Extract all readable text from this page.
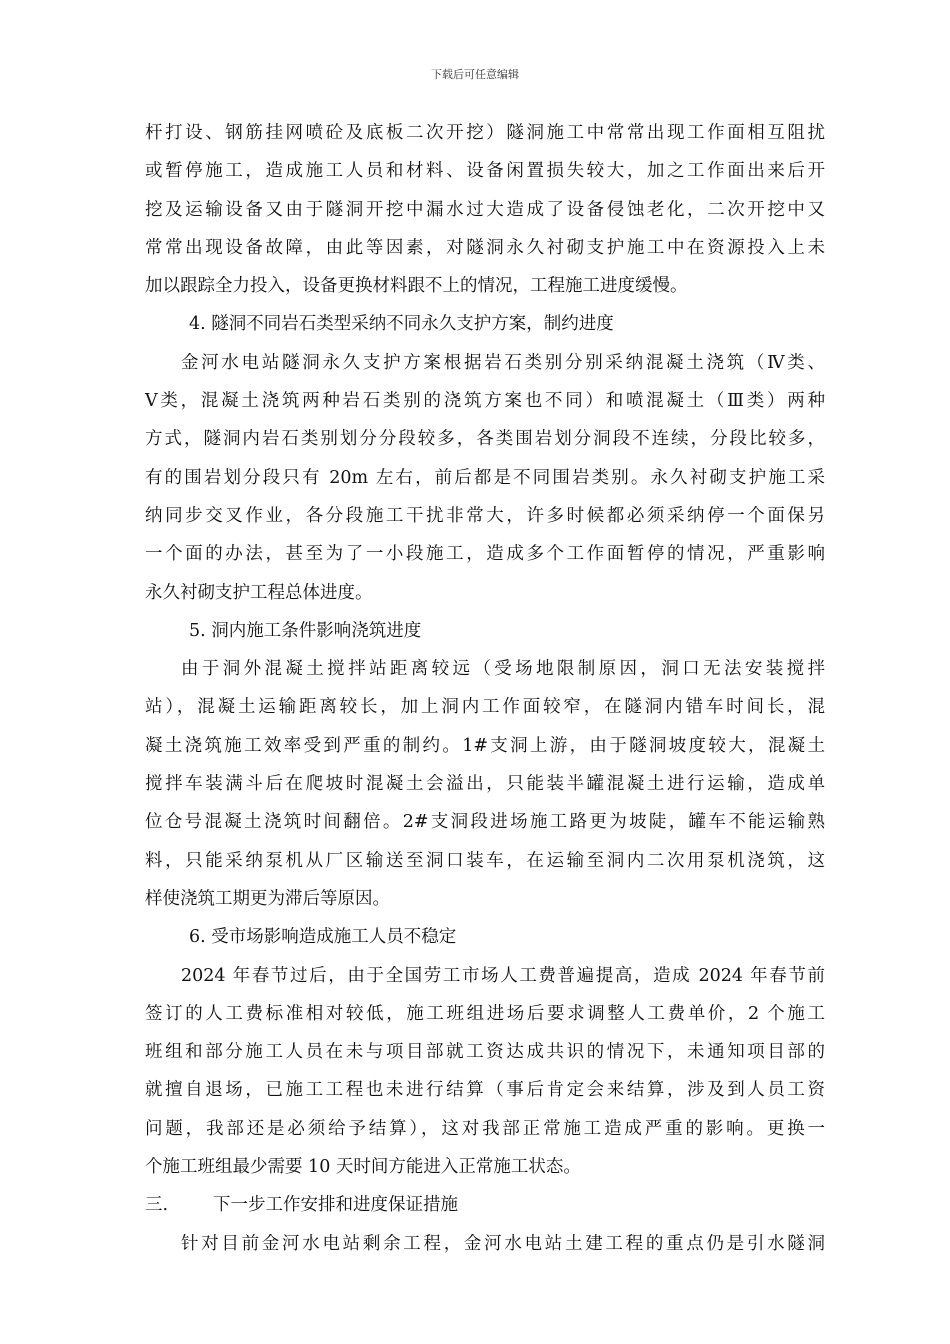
下载后可任意编辑
杆打设、钢筋挂网喷砼及底板二次开挖）隧洞施工中常常出现工作面相互阻扰
或暂停施工，造成施工人员和材料、设备闲置损失较大，加之工作面出来后开
挖及运输设备又由于隧洞开挖中漏水过大造成了设备侵蚀老化，二次开挖中又
常常出现设备故障，由此等因素，对隧洞永久衬砌支护施工中在资源投入上未
加以跟踪全力投入，设备更换材料跟不上的情况，工程施工进度缓慢。
4. 隧洞不同岩石类型采纳不同永久支护方案，制约进度
金河水电站隧洞永久支护方案根据岩石类别分别采纳混凝土浇筑（Ⅳ类、
Ⅴ类，混凝土浇筑两种岩石类别的浇筑方案也不同）和喷混凝土（Ⅲ类）两种
方式，隧洞内岩石类别划分分段较多，各类围岩划分洞段不连续，分段比较多，
有的围岩划分段只有 20m 左右，前后都是不同围岩类别。永久衬砌支护施工采
纳同步交叉作业，各分段施工干扰非常大，许多时候都必须采纳停一个面保另
一个面的办法，甚至为了一小段施工，造成多个工作面暂停的情况，严重影响
永久衬砌支护工程总体进度。
5. 洞内施工条件影响浇筑进度
由于洞外混凝土搅拌站距离较远（受场地限制原因，洞口无法安装搅拌
站），混凝土运输距离较长，加上洞内工作面较窄，在隧洞内错车时间长，混
凝土浇筑施工效率受到严重的制约。1#支洞上游，由于隧洞坡度较大，混凝土
搅拌车装满斗后在爬坡时混凝土会溢出，只能装半罐混凝土进行运输，造成单
位仓号混凝土浇筑时间翻倍。2#支洞段进场施工路更为坡陡，罐车不能运输熟
料，只能采纳泵机从厂区输送至洞口装车，在运输至洞内二次用泵机浇筑，这
样使浇筑工期更为滞后等原因。
6. 受市场影响造成施工人员不稳定
2024 年春节过后，由于全国劳工市场人工费普遍提高，造成 2024 年春节前
签订的人工费标准相对较低，施工班组进场后要求调整人工费单价，2 个施工
班组和部分施工人员在未与项目部就工资达成共识的情况下，未通知项目部的
就擅自退场，已施工工程也未进行结算（事后肯定会来结算，涉及到人员工资
问题，我部还是必须给予结算），这对我部正常施工造成严重的影响。更换一
个施工班组最少需要 10 天时间方能进入正常施工状态。
三.	下一步工作安排和进度保证措施
针对目前金河水电站剩余工程，金河水电站土建工程的重点仍是引水隧洞
